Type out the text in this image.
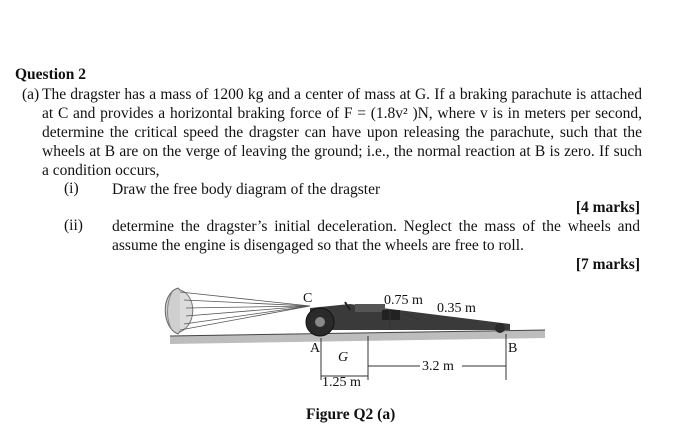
Question 2
(a) The dragster has a mass of 1200 kg and a center of mass at G. If a braking parachute is attached at C and provides a horizontal braking force of F = (1.8v² )N, where v is in meters per second, determine the critical speed the dragster can have upon releasing the parachute, such that the wheels at B are on the verge of leaving the ground; i.e., the normal reaction at B is zero. If such a condition occurs,
(i) Draw the free body diagram of the dragster
[4 marks]
(ii) determine the dragster’s initial deceleration. Neglect the mass of the wheels and assume the engine is disengaged so that the wheels are free to roll.
[7 marks]
C
A	B
G
0.75 m
0.35 m
1.25 m
3.2 m
Figure Q2 (a)
